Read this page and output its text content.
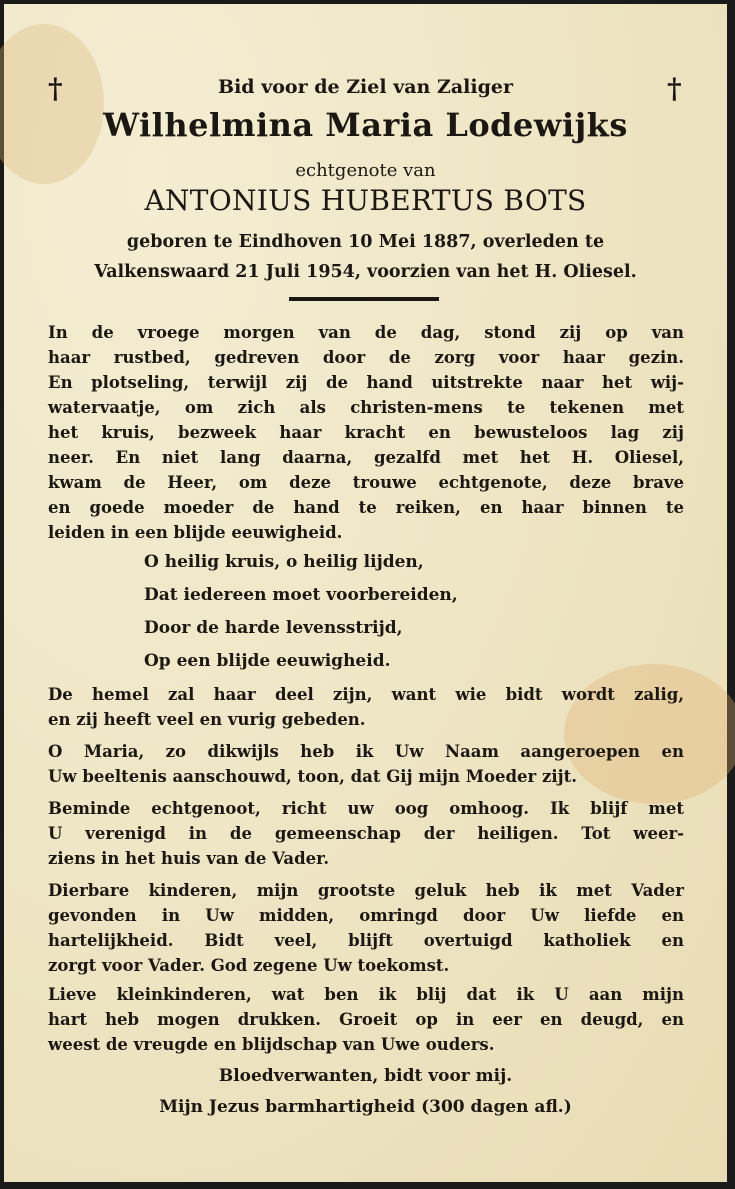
†	†
Bid voor de Ziel van Zaliger
Wilhelmina Maria Lodewijks
echtgenote van
ANTONIUS HUBERTUS BOTS
geboren te Eindhoven 10 Mei 1887, overleden te
Valkenswaard 21 Juli 1954, voorzien van het H. Oliesel.
In de vroege morgen van de dag, stond zij op van
haar rustbed, gedreven door de zorg voor haar gezin.
En plotseling, terwijl zij de hand uitstrekte naar het wij-
watervaatje, om zich als christen-mens te tekenen met
het kruis, bezweek haar kracht en bewusteloos lag zij
neer. En niet lang daarna, gezalfd met het H. Oliesel,
kwam de Heer, om deze trouwe echtgenote, deze brave
en goede moeder de hand te reiken, en haar binnen te
leiden in een blijde eeuwigheid.
O heilig kruis, o heilig lijden,
Dat iedereen moet voorbereiden,
Door de harde levensstrijd,
Op een blijde eeuwigheid.
De hemel zal haar deel zijn, want wie bidt wordt zalig,
en zij heeft veel en vurig gebeden.
O Maria, zo dikwijls heb ik Uw Naam aangeroepen en
Uw beeltenis aanschouwd, toon, dat Gij mijn Moeder zijt.
Beminde echtgenoot, richt uw oog omhoog. Ik blijf met
U verenigd in de gemeenschap der heiligen. Tot weer-
ziens in het huis van de Vader.
Dierbare kinderen, mijn grootste geluk heb ik met Vader
gevonden in Uw midden, omringd door Uw liefde en
hartelijkheid. Bidt veel, blijft overtuigd katholiek en
zorgt voor Vader. God zegene Uw toekomst.
Lieve kleinkinderen, wat ben ik blij dat ik U aan mijn
hart heb mogen drukken. Groeit op in eer en deugd, en
weest de vreugde en blijdschap van Uwe ouders.
Bloedverwanten, bidt voor mij.
Mijn Jezus barmhartigheid (300 dagen afl.)
